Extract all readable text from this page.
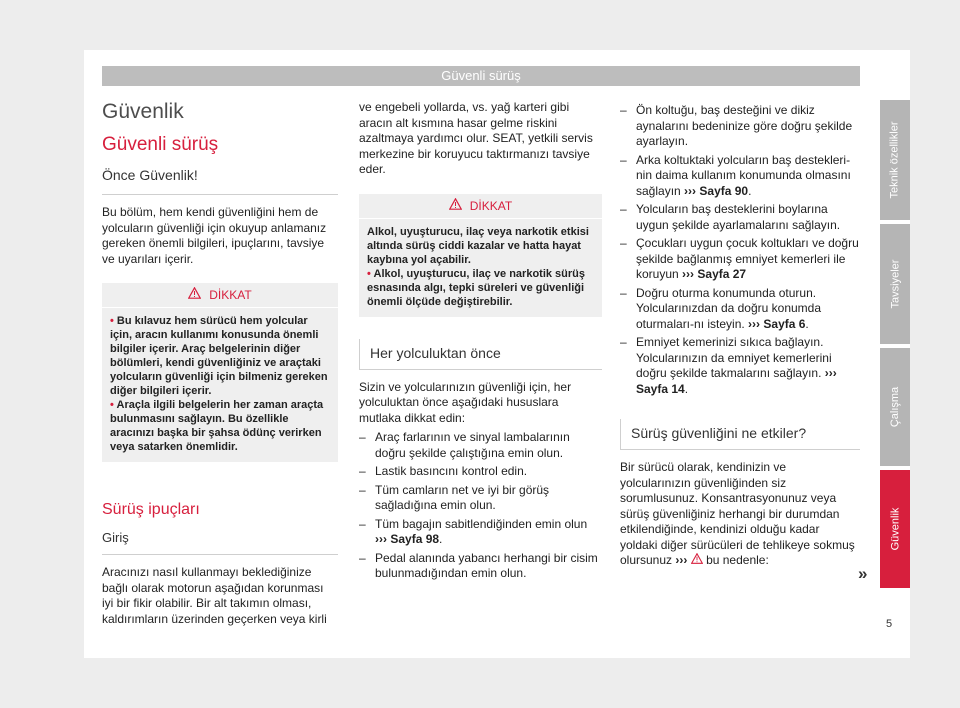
Güvenli sürüş
Güvenlik
Güvenli sürüş
Önce Güvenlik!
Bu bölüm, hem kendi güvenliğini hem de yolcuların güvenliği için okuyup anlamanız gereken önemli bilgileri, ipuçlarını, tavsiye ve uyarıları içerir.
DİKKAT
• Bu kılavuz hem sürücü hem yolcular için, aracın kullanımı konusunda önemli bilgiler içerir. Araç belgelerinin diğer bölümleri, kendi güvenliğiniz ve araçtaki yolcuların güvenliği için bilmeniz gereken diğer bilgileri içerir.
• Araçla ilgili belgelerin her zaman araçta bulunmasını sağlayın. Bu özellikle aracınızı başka bir şahsa ödünç verirken veya satarken önemlidir.
Sürüş ipuçları
Giriş
Aracınızı nasıl kullanmayı beklediğinize bağlı olarak motorun aşağıdan korunması iyi bir fikir olabilir. Bir alt takımın olması, kaldırımların üzerinden geçerken veya kirli
ve engebeli yollarda, vs. yağ karteri gibi aracın alt kısmına hasar gelme riskini azaltmaya yardımcı olur. SEAT, yetkili servis merkezine bir koruyucu taktırmanızı tavsiye eder.
DİKKAT
Alkol, uyuşturucu, ilaç veya narkotik etkisi altında sürüş ciddi kazalar ve hatta hayat kaybına yol açabilir.
• Alkol, uyuşturucu, ilaç ve narkotik sürüş esnasında algı, tepki süreleri ve güvenliği önemli ölçüde değiştirebilir.
Her yolculuktan önce
Sizin ve yolcularınızın güvenliği için, her yolculuktan önce aşağıdaki hususlara mutlaka dikkat edin:
– Araç farlarının ve sinyal lambalarının doğru şekilde çalıştığına emin olun.
– Lastik basıncını kontrol edin.
– Tüm camların net ve iyi bir görüş sağladığına emin olun.
– Tüm bagajın sabitlendiğinden emin olun ››› Sayfa 98.
– Pedal alanında yabancı herhangi bir cisim bulunmadığından emin olun.
– Ön koltuğu, baş desteğini ve dikiz aynalarını bedeninize göre doğru şekilde ayarlayın.
– Arka koltuktaki yolcuların baş destekleri-nin daima kullanım konumunda olmasını sağlayın ››› Sayfa 90.
– Yolcuların baş desteklerini boylarına uygun şekilde ayarlamalarını sağlayın.
– Çocukları uygun çocuk koltukları ve doğru şekilde bağlanmış emniyet kemerleri ile koruyun ››› Sayfa 27
– Doğru oturma konumunda oturun. Yolcularınızdan da doğru konumda oturmaları-nı isteyin. ››› Sayfa 6.
– Emniyet kemerinizi sıkıca bağlayın. Yolcularınızın da emniyet kemerlerini doğru şekilde takmalarını sağlayın. ››› Sayfa 14.
Sürüş güvenliğini ne etkiler?
Bir sürücü olarak, kendinizin ve yolcularınızın güvenliğinden siz sorumlusunuz. Konsantrasyonunuz veya sürüş güvenliğiniz herhangi bir durumdan etkilendiğinde, kendinizi olduğu kadar yoldaki diğer sürücüleri de tehlikeye sokmuş olursunuz ››› bu nedenle:
»
Teknik özellikler
Tavsiyeler
Çalışma
Güvenlik
5
